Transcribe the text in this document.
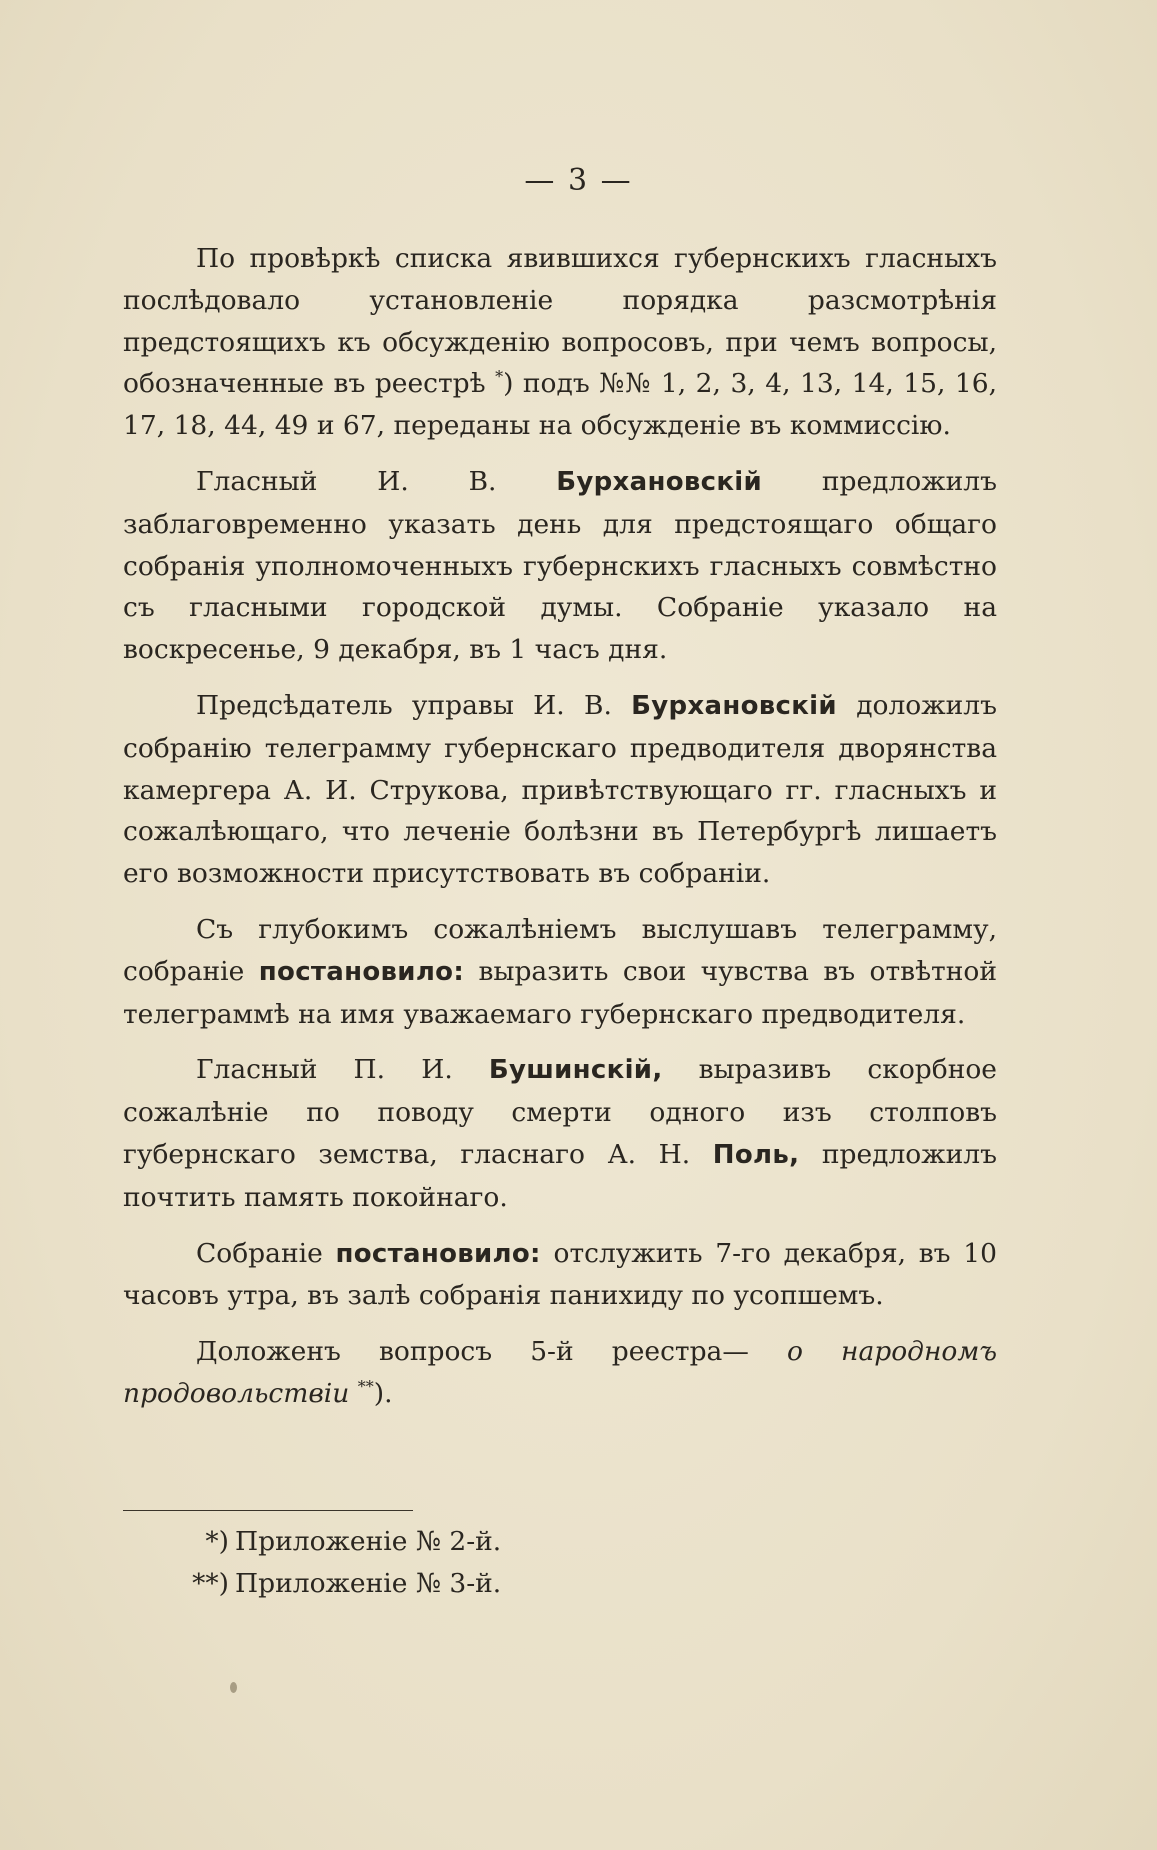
— 3 —

По провѣркѣ списка явившихся губернскихъ гласныхъ послѣдовало установленіе порядка разсмотрѣнія предстоящихъ къ обсужденію вопросовъ, при чемъ вопросы, обозначенные въ реестрѣ *) подъ №№ 1, 2, 3, 4, 13, 14, 15, 16, 17, 18, 44, 49 и 67, переданы на обсужденіе въ коммиссію.

Гласный И. В. Бурхановскій предложилъ заблаговременно указать день для предстоящаго общаго собранія уполномоченныхъ губернскихъ гласныхъ совмѣстно съ гласными городской думы. Собраніе указало на воскресенье, 9 декабря, въ 1 часъ дня.

Предсѣдатель управы И. В. Бурхановскій доложилъ собранію телеграмму губернскаго предводителя дворянства камергера А. И. Струкова, привѣтствующаго гг. гласныхъ и сожалѣющаго, что леченіе болѣзни въ Петербургѣ лишаетъ его возможности присутствовать въ собраніи.

Съ глубокимъ сожалѣніемъ выслушавъ телеграмму, собраніе постановило: выразить свои чувства въ отвѣтной телеграммѣ на имя уважаемаго губернскаго предводителя.

Гласный П. И. Бушинскій, выразивъ скорбное сожалѣніе по поводу смерти одного изъ столповъ губернскаго земства, гласнаго А. Н. Поль, предложилъ почтить память покойнаго.

Собраніе постановило: отслужить 7-го декабря, въ 10 часовъ утра, въ залѣ собранія панихиду по усопшемъ.

Доложенъ вопросъ 5-й реестра— о народномъ продовольствіи **).

*) Приложеніе № 2-й.
**) Приложеніе № 3-й.
